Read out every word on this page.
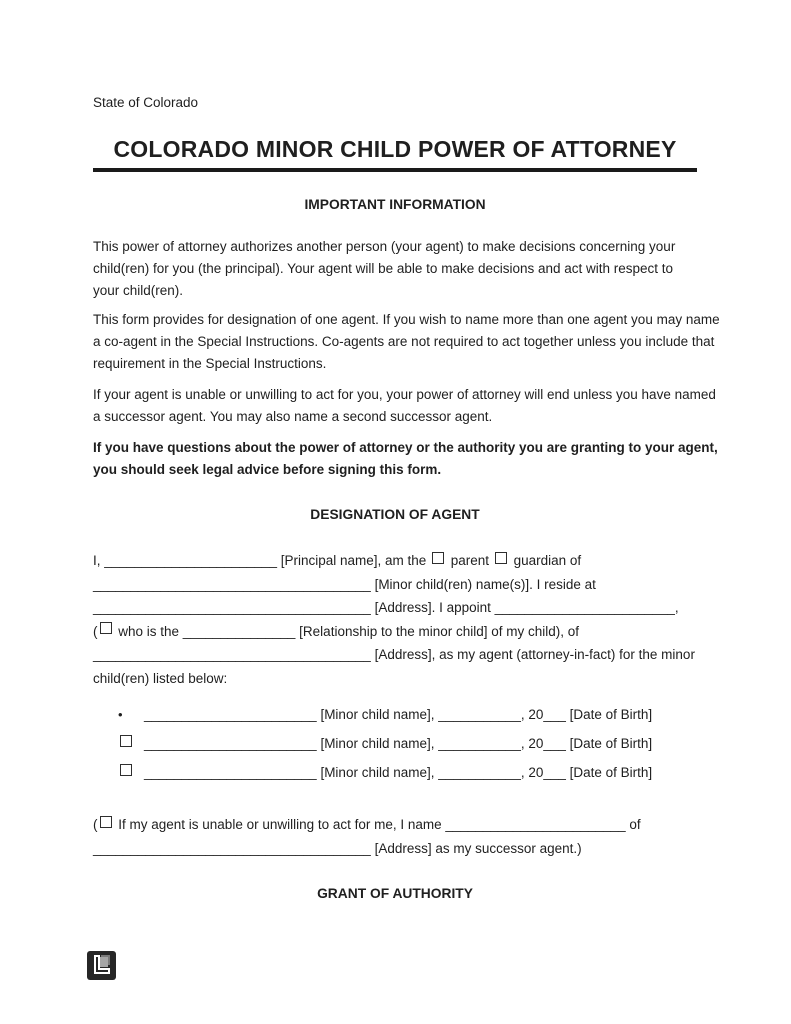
State of Colorado
COLORADO MINOR CHILD POWER OF ATTORNEY
IMPORTANT INFORMATION
This power of attorney authorizes another person (your agent) to make decisions concerning your
child(ren) for you (the principal). Your agent will be able to make decisions and act with respect to
your child(ren).
This form provides for designation of one agent. If you wish to name more than one agent you may name
a co-agent in the Special Instructions. Co-agents are not required to act together unless you include that
requirement in the Special Instructions.
If your agent is unable or unwilling to act for you, your power of attorney will end unless you have named
a successor agent. You may also name a second successor agent.
If you have questions about the power of attorney or the authority you are granting to your agent,
you should seek legal advice before signing this form.
DESIGNATION OF AGENT
I, _______________________ [Principal name], am the  parent  guardian of
_____________________________________ [Minor child(ren) name(s)]. I reside at
_____________________________________ [Address]. I appoint ________________________,
( who is the _______________ [Relationship to the minor child] of my child), of
_____________________________________ [Address], as my agent (attorney-in-fact) for the minor
child(ren) listed below:
• _______________________ [Minor child name], ___________, 20___ [Date of Birth]
_______________________ [Minor child name], ___________, 20___ [Date of Birth]
_______________________ [Minor child name], ___________, 20___ [Date of Birth]
( If my agent is unable or unwilling to act for me, I name ________________________ of
_____________________________________ [Address] as my successor agent.)
GRANT OF AUTHORITY
